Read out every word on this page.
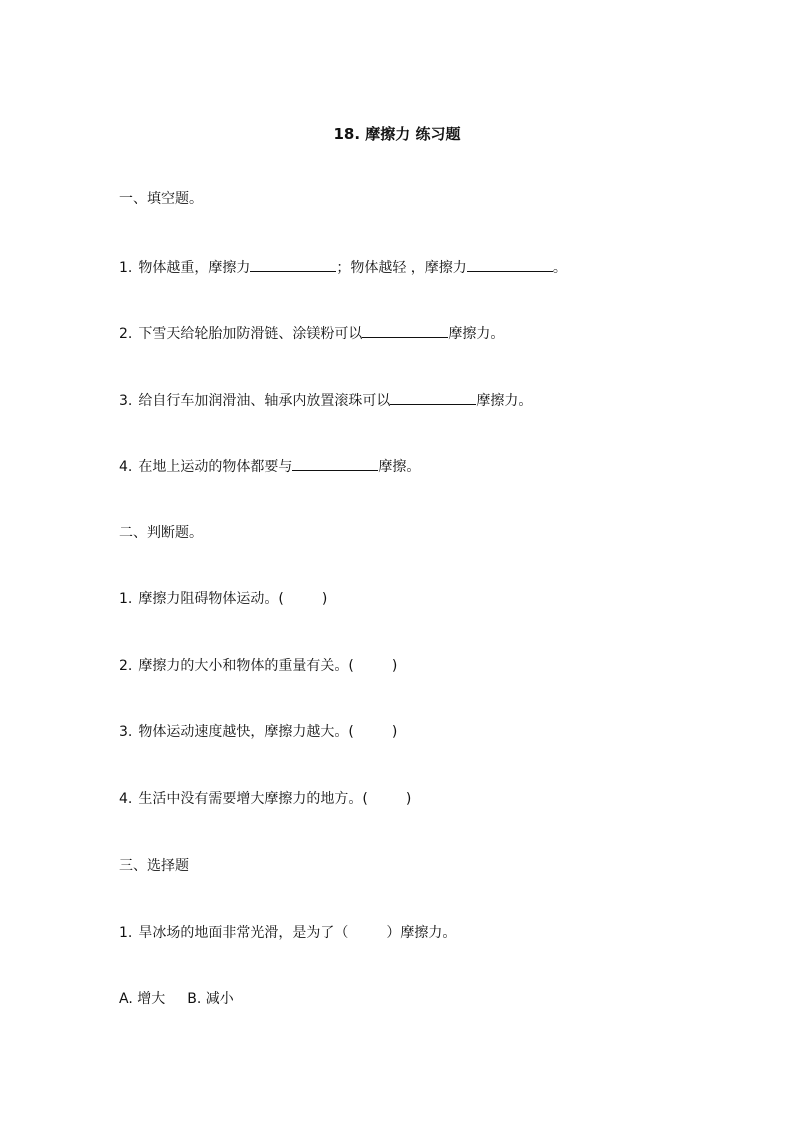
18. 摩擦力 练习题
一、填空题。
1. 物体越重，摩擦力	；物体越轻 ，摩擦力	。
2. 下雪天给轮胎加防滑链、涂镁粉可以	摩擦力。
3. 给自行车加润滑油、轴承内放置滚珠可以	摩擦力。
4. 在地上运动的物体都要与	摩擦。
二、判断题。
1. 摩擦力阻碍物体运动。(	)
2. 摩擦力的大小和物体的重量有关。(	)
3. 物体运动速度越快，摩擦力越大。(	)
4. 生活中没有需要增大摩擦力的地方。(	)
三、选择题
1. 旱冰场的地面非常光滑，是为了（	）摩擦力。
A. 增大 B. 减小
